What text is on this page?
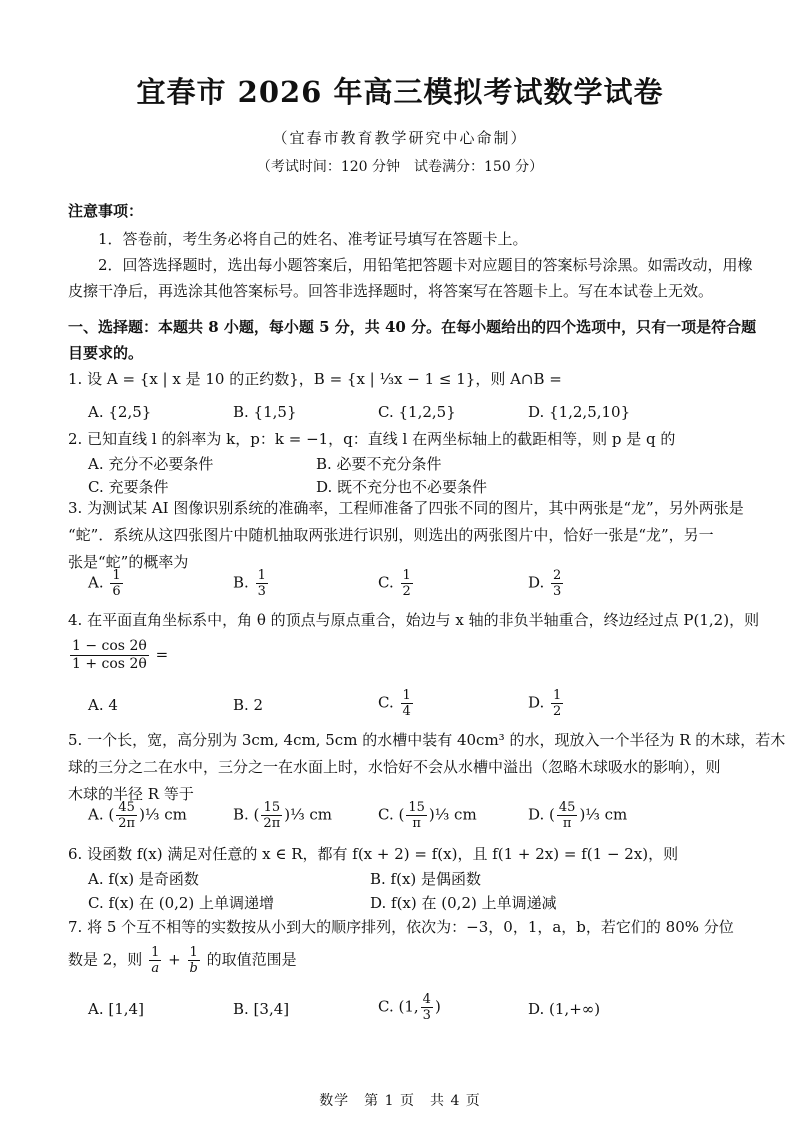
宜春市 2026 年高三模拟考试数学试卷
（宜春市教育教学研究中心命制）
（考试时间：120 分钟　试卷满分：150 分）
注意事项：
1．答卷前，考生务必将自己的姓名、准考证号填写在答题卡上。
2．回答选择题时，选出每小题答案后，用铅笔把答题卡对应题目的答案标号涂黑。如需改动，用橡皮擦干净后，再选涂其他答案标号。回答非选择题时，将答案写在答题卡上。写在本试卷上无效。
一、选择题：本题共 8 小题，每小题 5 分，共 40 分。在每小题给出的四个选项中，只有一项是符合题目要求的。
1. 设 A = {x | x 是 10 的正约数}，B = {x | ⅓x − 1 ≤ 1}，则 A∩B =
A. {2,5}	B. {1,5}	C. {1,2,5}	D. {1,2,5,10}
2. 已知直线 l 的斜率为 k，p：k = −1，q：直线 l 在两坐标轴上的截距相等，则 p 是 q 的
A. 充分不必要条件	B. 必要不充分条件
C. 充要条件	D. 既不充分也不必要条件
3. 为测试某 AI 图像识别系统的准确率，工程师准备了四张不同的图片，其中两张是“龙”，另外两张是
“蛇”．系统从这四张图片中随机抽取两张进行识别，则选出的两张图片中，恰好一张是“龙”，另一
张是“蛇”的概率为
A. $\frac{1}{6}$	B. $\frac{1}{3}$	C. $\frac{1}{2}$	D. $\frac{2}{3}$
4. 在平面直角坐标系中，角 θ 的顶点与原点重合，始边与 x 轴的非负半轴重合，终边经过点 P(1,2)，则
$\frac{1 - \cos 2\theta}{1 + \cos 2\theta}$ =
A. 4	B. 2	C. $\frac{1}{4}$	D. $\frac{1}{2}$
5. 一个长，宽，高分别为 3cm, 4cm, 5cm 的水槽中装有 40cm³ 的水，现放入一个半径为 R 的木球，若木
球的三分之二在水中，三分之一在水面上时，水恰好不会从水槽中溢出（忽略木球吸水的影响），则
木球的半径 R 等于
A. ( $\frac{45}{2\pi}$ )⅓ cm	B. ( $\frac{15}{2\pi}$ )⅓ cm	C. ( $\frac{15}{\pi}$ )⅓ cm	D. ( $\frac{45}{\pi}$ )⅓ cm
6. 设函数 f(x) 满足对任意的 x ∈ R，都有 f(x + 2) = f(x)，且 f(1 + 2x) = f(1 − 2x)，则
A. f(x) 是奇函数	B. f(x) 是偶函数
C. f(x) 在 (0,2) 上单调递增	D. f(x) 在 (0,2) 上单调递减
7. 将 5 个互不相等的实数按从小到大的顺序排列，依次为：−3，0，1，a，b，若它们的 80% 分位
数是 2，则 $\frac{1}{a} + \frac{1}{b}$ 的取值范围是
A. [1,4]	B. [3,4]	C. (1, $\frac{4}{3}$ )	D. (1,+∞)
数学　第 1 页　共 4 页
